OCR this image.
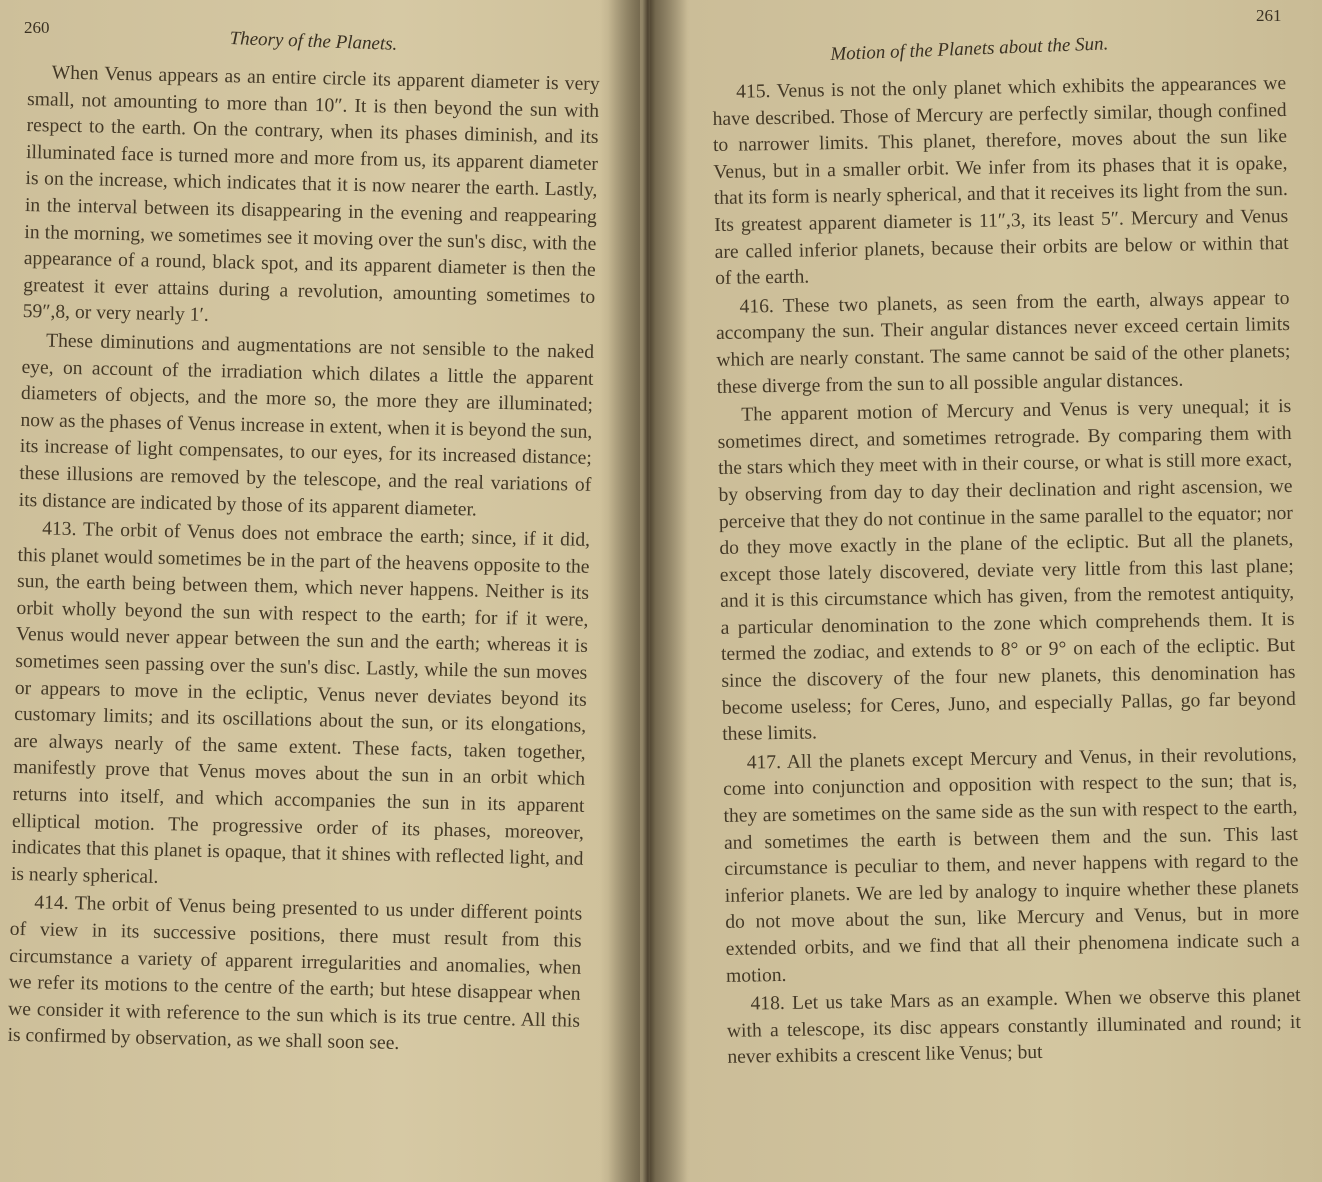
260
Theory of the Planets.

When Venus appears as an entire circle its apparent diameter is very small, not amounting to more than 10″. It is then beyond the sun with respect to the earth. On the contrary, when its phases diminish, and its illuminated face is turned more and more from us, its apparent diameter is on the increase, which indicates that it is now nearer the earth. Lastly, in the interval between its disappearing in the evening and reappearing in the morning, we sometimes see it moving over the sun's disc, with the appearance of a round, black spot, and its apparent diameter is then the greatest it ever attains during a revolution, amounting sometimes to 59″,8, or very nearly 1′.

These diminutions and augmentations are not sensible to the naked eye, on account of the irradiation which dilates a little the apparent diameters of objects, and the more so, the more they are illuminated; now as the phases of Venus increase in extent, when it is beyond the sun, its increase of light compensates, to our eyes, for its increased distance; these illusions are removed by the telescope, and the real variations of its distance are indicated by those of its apparent diameter.

413. The orbit of Venus does not embrace the earth; since, if it did, this planet would sometimes be in the part of the heavens opposite to the sun, the earth being between them, which never happens. Neither is its orbit wholly beyond the sun with respect to the earth; for if it were, Venus would never appear between the sun and the earth; whereas it is sometimes seen passing over the sun's disc. Lastly, while the sun moves or appears to move in the ecliptic, Venus never deviates beyond its customary limits; and its oscillations about the sun, or its elongations, are always nearly of the same extent. These facts, taken together, manifestly prove that Venus moves about the sun in an orbit which returns into itself, and which accompanies the sun in its apparent elliptical motion. The progressive order of its phases, moreover, indicates that this planet is opaque, that it shines with reflected light, and is nearly spherical.

414. The orbit of Venus being presented to us under different points of view in its successive positions, there must result from this circumstance a variety of apparent irregularities and anomalies, when we refer its motions to the centre of the earth; but htese disappear when we consider it with reference to the sun which is its true centre. All this is confirmed by observation, as we shall soon see.

261
Motion of the Planets about the Sun.

415. Venus is not the only planet which exhibits the appearances we have described. Those of Mercury are perfectly similar, though confined to narrower limits. This planet, therefore, moves about the sun like Venus, but in a smaller orbit. We infer from its phases that it is opake, that its form is nearly spherical, and that it receives its light from the sun. Its greatest apparent diameter is 11″,3, its least 5″. Mercury and Venus are called inferior planets, because their orbits are below or within that of the earth.

416. These two planets, as seen from the earth, always appear to accompany the sun. Their angular distances never exceed certain limits which are nearly constant. The same cannot be said of the other planets; these diverge from the sun to all possible angular distances.

The apparent motion of Mercury and Venus is very unequal; it is sometimes direct, and sometimes retrograde. By comparing them with the stars which they meet with in their course, or what is still more exact, by observing from day to day their declination and right ascension, we perceive that they do not continue in the same parallel to the equator; nor do they move exactly in the plane of the ecliptic. But all the planets, except those lately discovered, deviate very little from this last plane; and it is this circumstance which has given, from the remotest antiquity, a particular denomination to the zone which comprehends them. It is termed the zodiac, and extends to 8° or 9° on each of the ecliptic. But since the discovery of the four new planets, this denomination has become useless; for Ceres, Juno, and especially Pallas, go far beyond these limits.

417. All the planets except Mercury and Venus, in their revolutions, come into conjunction and opposition with respect to the sun; that is, they are sometimes on the same side as the sun with respect to the earth, and sometimes the earth is between them and the sun. This last circumstance is peculiar to them, and never happens with regard to the inferior planets. We are led by analogy to inquire whether these planets do not move about the sun, like Mercury and Venus, but in more extended orbits, and we find that all their phenomena indicate such a motion.

418. Let us take Mars as an example. When we observe this planet with a telescope, its disc appears constantly illuminated and round; it never exhibits a crescent like Venus; but
